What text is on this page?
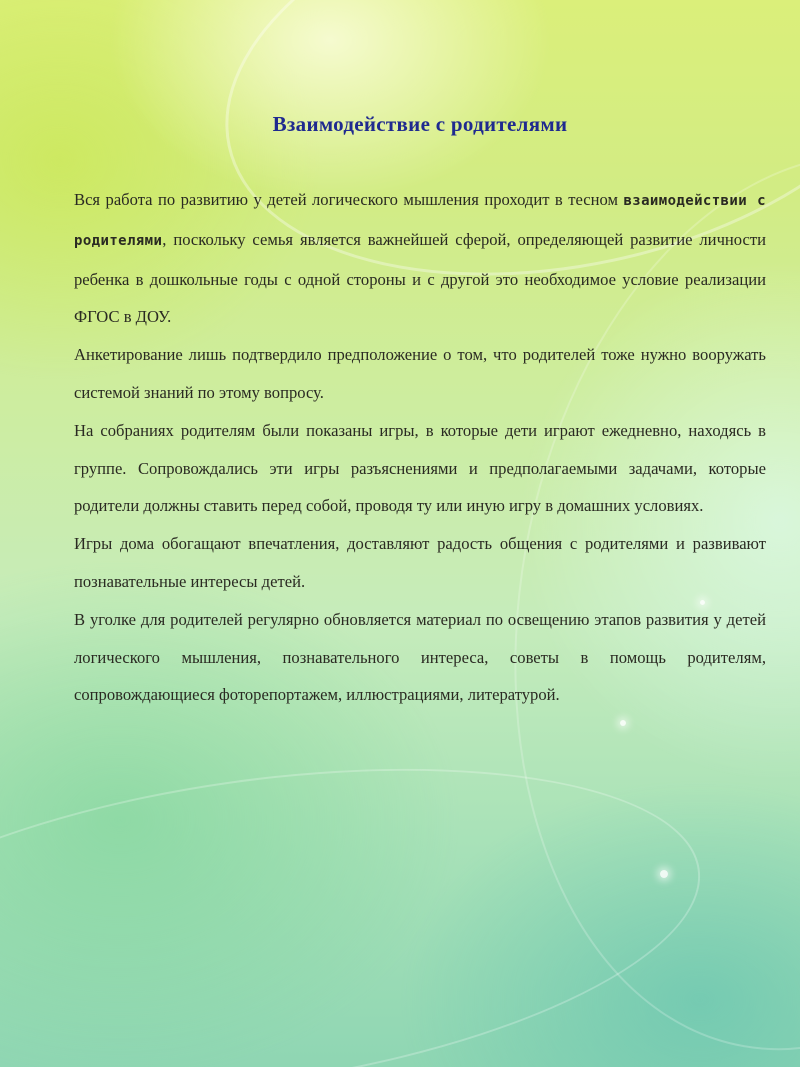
Взаимодействие с родителями

Вся работа по развитию у детей логического мышления проходит в тесном взаимодействии с родителями, поскольку семья является важнейшей сферой, определяющей развитие личности ребенка в дошкольные годы с одной стороны и с другой это необходимое условие реализации ФГОС в ДОУ.

Анкетирование лишь подтвердило предположение о том, что родителей тоже нужно вооружать системой знаний по этому вопросу.

На собраниях родителям были показаны игры, в которые дети играют ежедневно, находясь в группе. Сопровождались эти игры разъяснениями и предполагаемыми задачами, которые родители должны ставить перед собой, проводя ту или иную игру в домашних условиях.

Игры дома обогащают впечатления, доставляют радость общения с родителями и развивают познавательные интересы детей.

В уголке для родителей регулярно обновляется материал по освещению этапов развития у детей логического мышления, познавательного интереса, советы в помощь родителям, сопровождающиеся фоторепортажем, иллюстрациями, литературой.
